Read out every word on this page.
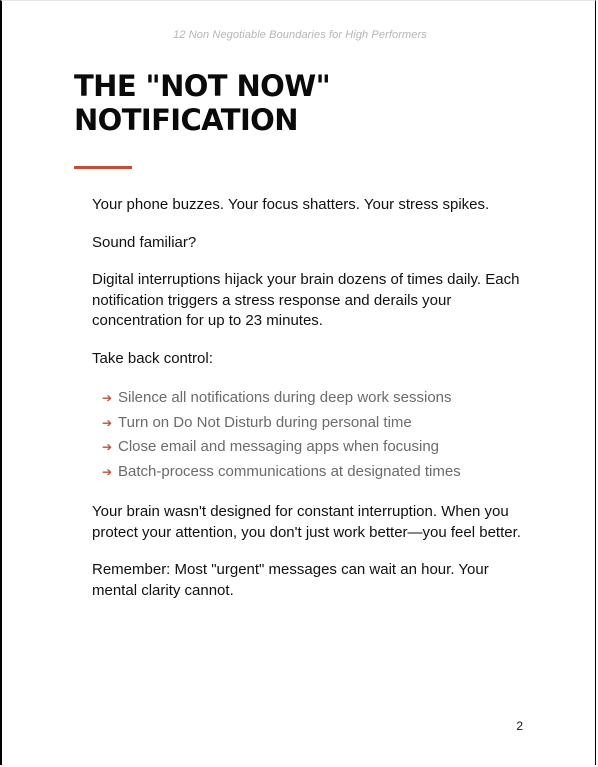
12 Non Negotiable Boundaries for High Performers
THE "NOT NOW"
NOTIFICATION

Your phone buzzes. Your focus shatters. Your stress spikes.

Sound familiar?

Digital interruptions hijack your brain dozens of times daily. Each notification triggers a stress response and derails your concentration for up to 23 minutes.

Take back control:

➔ Silence all notifications during deep work sessions
➔ Turn on Do Not Disturb during personal time
➔ Close email and messaging apps when focusing
➔ Batch-process communications at designated times

Your brain wasn't designed for constant interruption. When you protect your attention, you don't just work better—you feel better.

Remember: Most "urgent" messages can wait an hour. Your mental clarity cannot.

2
